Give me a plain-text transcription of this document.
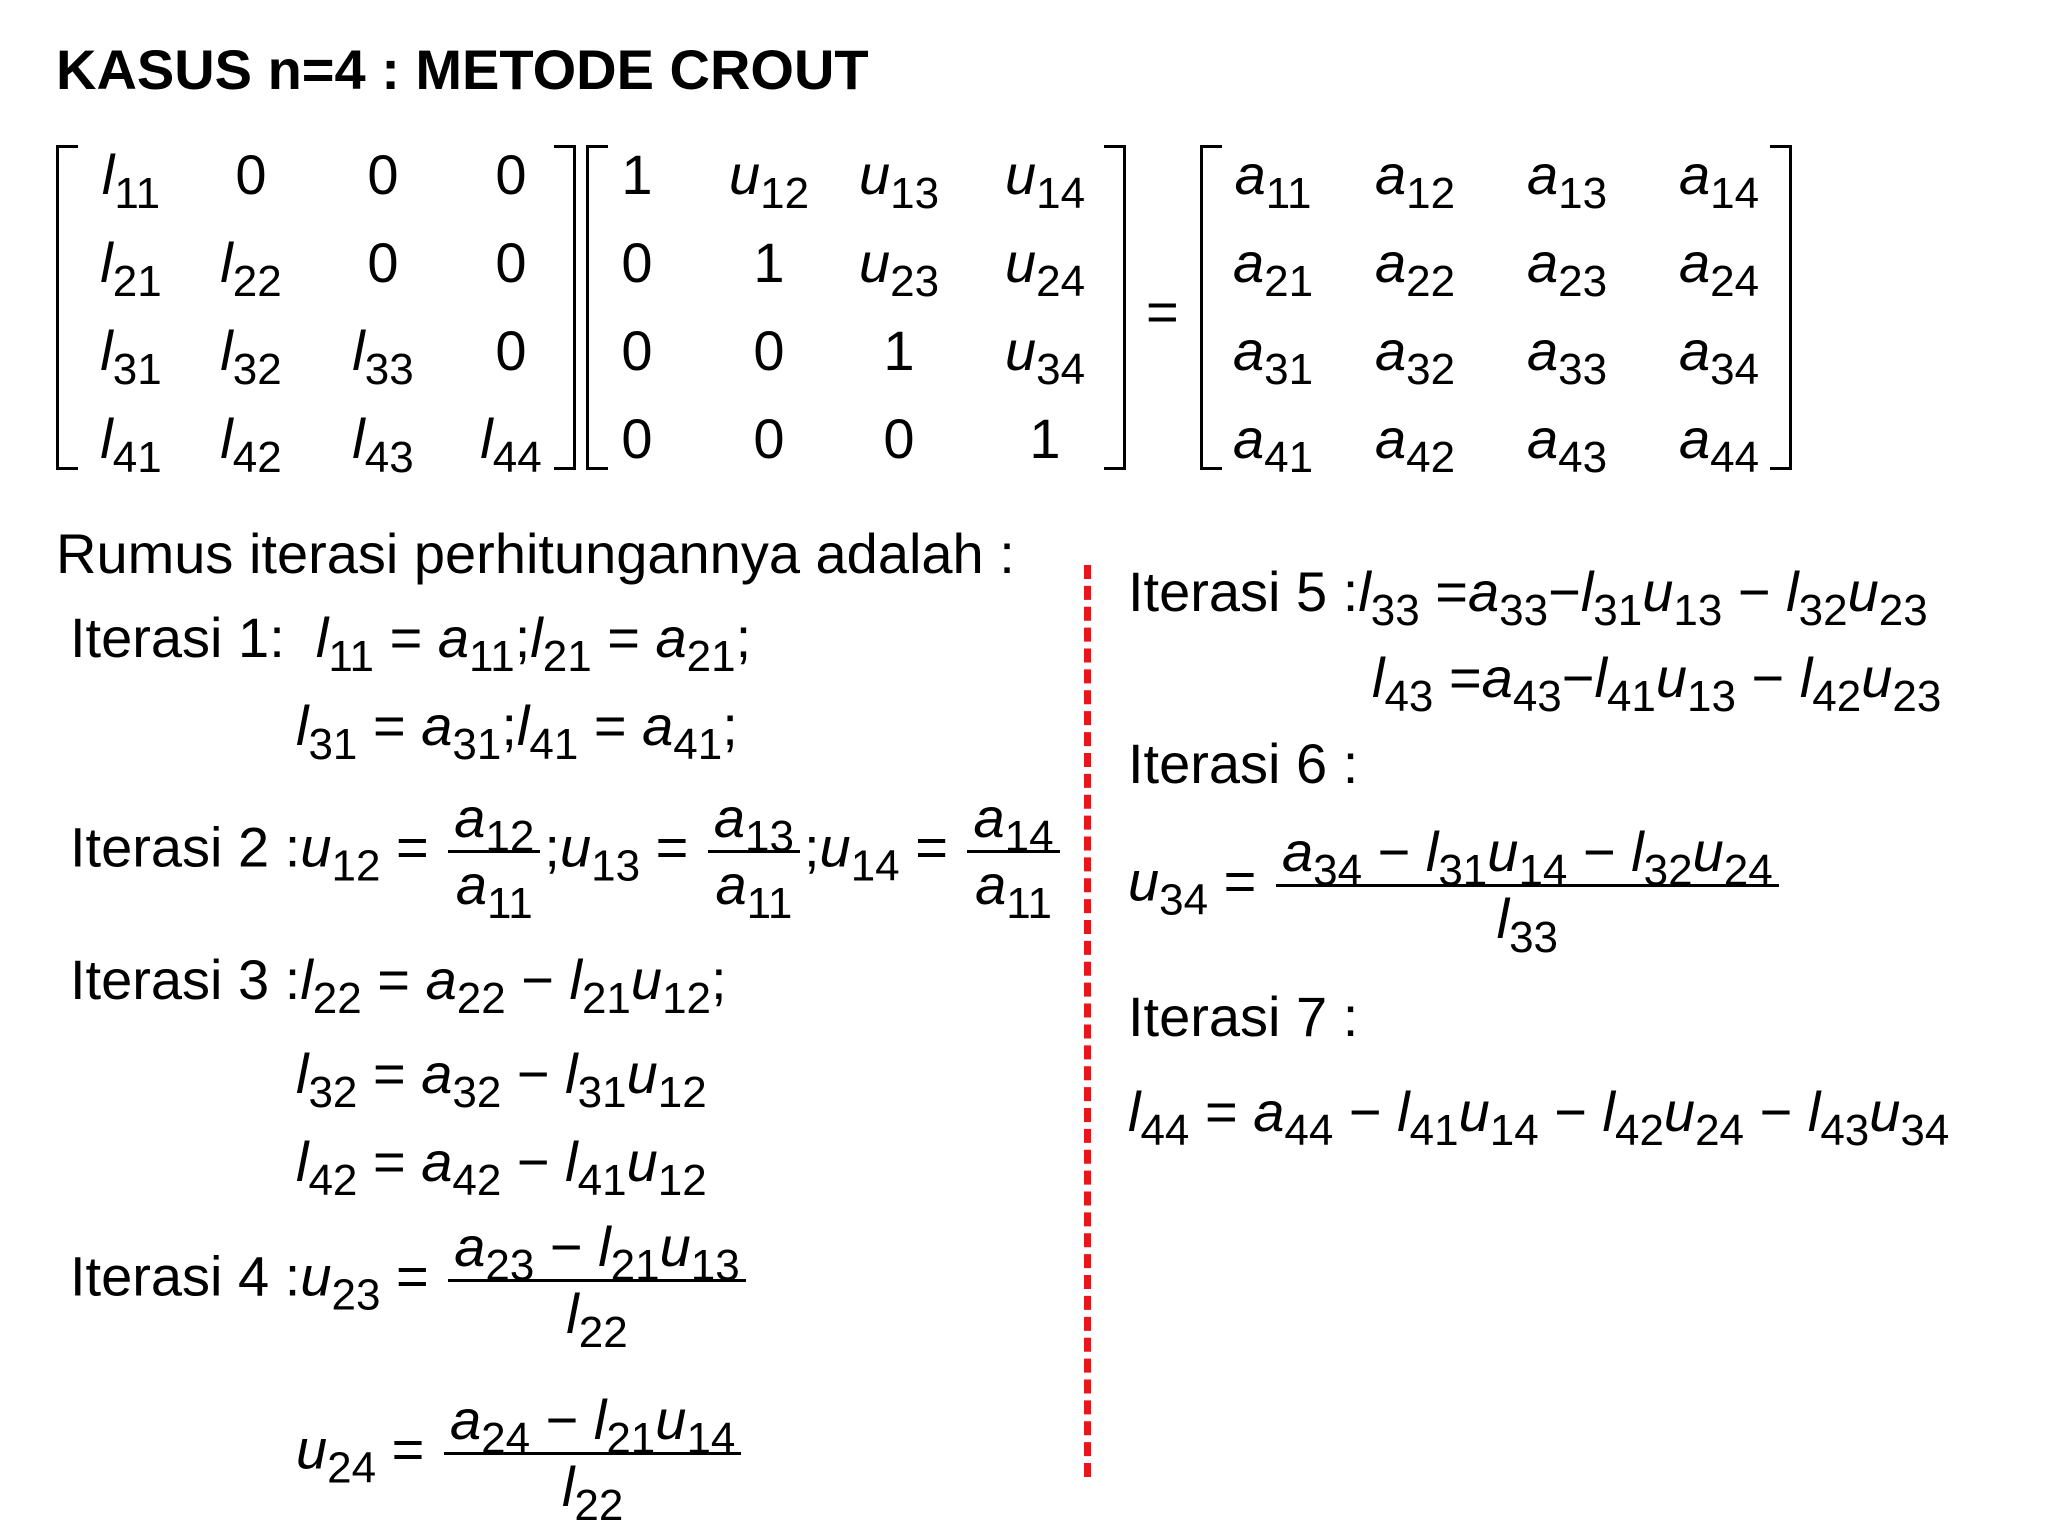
KASUS n=4 : METODE CROUT
$l_{11}$	0	0	0
$l_{21}$	$l_{22}$	0	0
$l_{31}$	$l_{32}$	$l_{33}$	0
$l_{41}$	$l_{42}$	$l_{43}$	$l_{44}$
1	$u_{12}$ $u_{13}$ $u_{14}$
0	1	$u_{23}$ $u_{24}$
0	0	1	$u_{34}$
0	0	0	1
=
$a_{11}$ $a_{12}$ $a_{13}$ $a_{14}$
$a_{21}$ $a_{22}$ $a_{23}$ $a_{24}$
$a_{31}$ $a_{32}$ $a_{33}$ $a_{34}$
$a_{41}$ $a_{42}$ $a_{43}$ $a_{44}$
Rumus iterasi perhitungannya adalah :
Iterasi 1: $l_{11}$ = $a_{11};l_{21} = a_{21}$;
$l_{31}$ = $a_{31};l_{41} = a_{41}$;
Iterasi 2 $:u_{12} = \frac{a_{12}}{a_{11}}$ $;u_{13} = \frac{a_{13}}{a_{11}}$ $;u_{14} = \frac{a_{14}}{a_{11}}$
Iterasi 3 $:l_{22} = a_{22} - l_{21}u_{12}$;
$l_{32} = a_{32} - l_{31}u_{12}$
$l_{42} = a_{42} - l_{41}u_{12}$
Iterasi 4 $:u_{23} = \frac{a_{23} - l_{21}u_{13}}{l_{22}}$
$u_{24} = \frac{a_{24} - l_{21}u_{14}}{l_{22}}$
Iterasi 5 $:l_{33} =a_{33}-l_{31}u_{13} - l_{32}u_{23}$
$l_{43} =a_{43}-l_{41}u_{13} - l_{42}u_{23}$
Iterasi 6 :
$u_{34} = \frac{a_{34} - l_{31}u_{14} - l_{32}u_{24}}{l_{33}}$
Iterasi 7 :
$l_{44} = a_{44} - l_{41}u_{14} - l_{42}u_{24} - l_{43}u_{34}$
